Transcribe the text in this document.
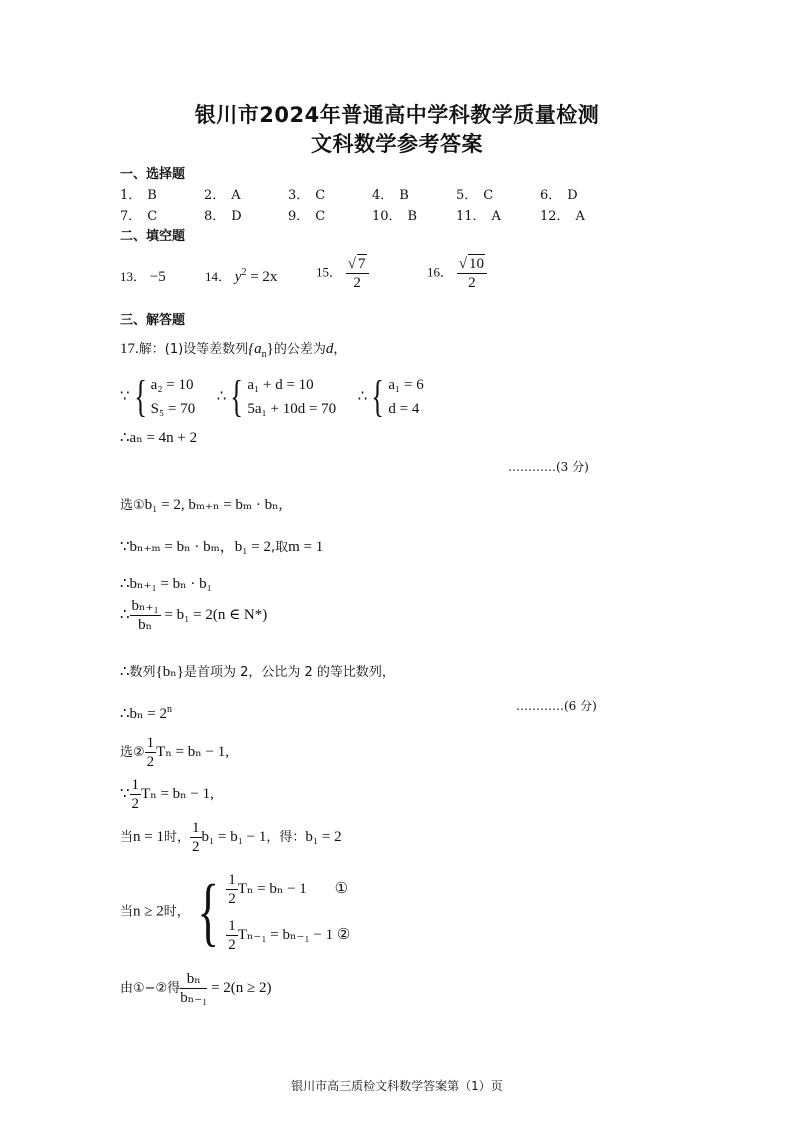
银川市2024年普通高中学科教学质量检测
文科数学参考答案
一、选择题
1． B	2． A	3． C	4． B	5． C	6． D
7． C	8． D	9． C	10． B	11． A	12． A
二、填空题
13． −5	14． $y^2 = 2x$	15． $\frac{√ 7}{2}$	16． $\frac{√ 10}{2}$
三、解答题
17.解：(1)设等差数列$\{a_n\}$的公差为d，
∵{ a₂ = 10
S₅ = 70  ∴{ a₁ + d = 10
5a₁ + 10d = 70  ∴{ a₁ = 6
d = 4
∴aₙ = 4n + 2
…………(3 分)
选①b₁ = 2, bₘ₊ₙ = bₘ · bₙ,
∵bₙ₊ₘ = bₙ · bₘ，b₁ = 2,取m = 1
∴bₙ₊₁ = bₙ · b₁
∴ $\frac{\text{bₙ₊₁}}{\text{bₙ}} = b_1 = 2(n$ ∈ N*)
∴数列{bₙ}是首项为 2，公比为 2 的等比数列，
…………(6 分)
∴bₙ = $2^n$
选② $\frac{1}{2}$ Tₙ = bₙ − 1,
∵ $\frac{1}{2}$ Tₙ = bₙ − 1,
当n = 1时， $\frac{1}{2} b_1 = b_1 - 1$，得：b₁ = 2
当n ≥ 2时，{ $\frac{1}{2}$ Tₙ = bₙ − 1 ①

$\frac{1}{2} T_{n-1} = b_{n-1} - 1$ ②
由①−②得 $\frac{\text{bₙ}}{\text{bₙ₋₁}} = 2(n \ge 2)$
银川市高三质检文科数学答案第（1）页
